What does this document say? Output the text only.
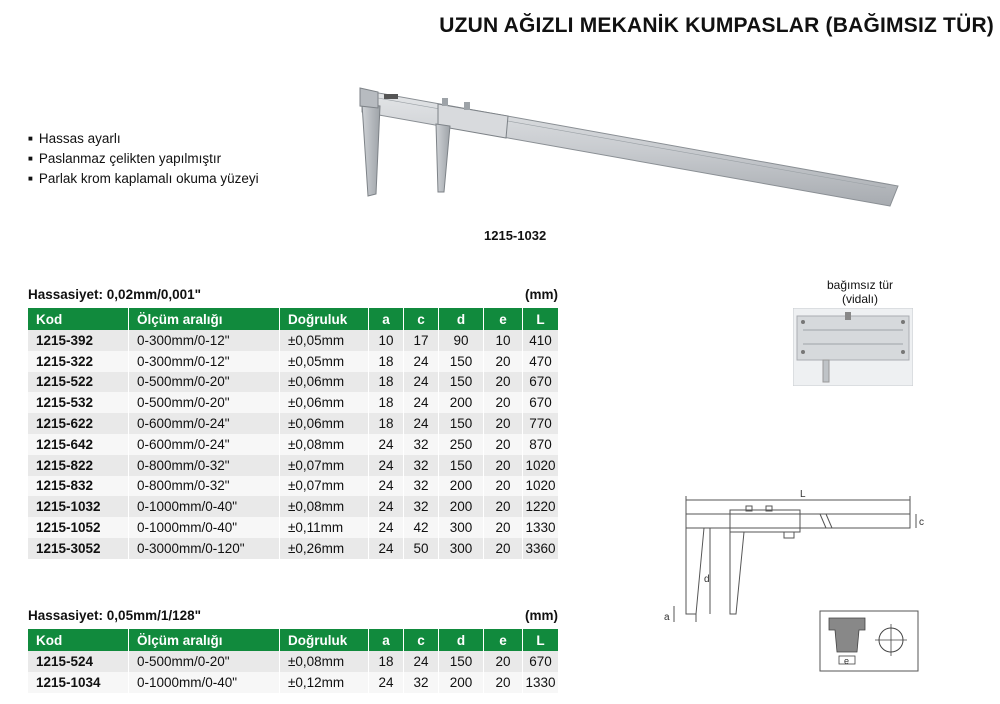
UZUN AĞIZLI MEKANİK KUMPASLAR (BAĞIMSIZ TÜR)
■ Hassas ayarlı
■ Paslanmaz çelikten yapılmıştır
■ Parlak krom kaplamalı okuma yüzeyi
1215-1032
Hassasiyet: 0,02mm/0,001"	(mm)
Kod	Ölçüm aralığı	Doğruluk	a	c	d	e	L
1215-392	0-300mm/0-12"	±0,05mm	10	17	90	10	410
1215-322	0-300mm/0-12"	±0,05mm	18	24	150	20	470
1215-522	0-500mm/0-20"	±0,06mm	18	24	150	20	670
1215-532	0-500mm/0-20"	±0,06mm	18	24	200	20	670
1215-622	0-600mm/0-24"	±0,06mm	18	24	150	20	770
1215-642	0-600mm/0-24"	±0,08mm	24	32	250	20	870
1215-822	0-800mm/0-32"	±0,07mm	24	32	150	20	1020
1215-832	0-800mm/0-32"	±0,07mm	24	32	200	20	1020
1215-1032	0-1000mm/0-40"	±0,08mm	24	32	200	20	1220
1215-1052	0-1000mm/0-40"	±0,11mm	24	42	300	20	1330
1215-3052	0-3000mm/0-120"	±0,26mm	24	50	300	20	3360
Hassasiyet: 0,05mm/1/128"	(mm)
Kod	Ölçüm aralığı	Doğruluk	a	c	d	e	L
1215-524	0-500mm/0-20"	±0,08mm	18	24	150	20	670
1215-1034	0-1000mm/0-40"	±0,12mm	24	32	200	20	1330
bağımsız tür
(vidalı)
L
c
d
a
e
